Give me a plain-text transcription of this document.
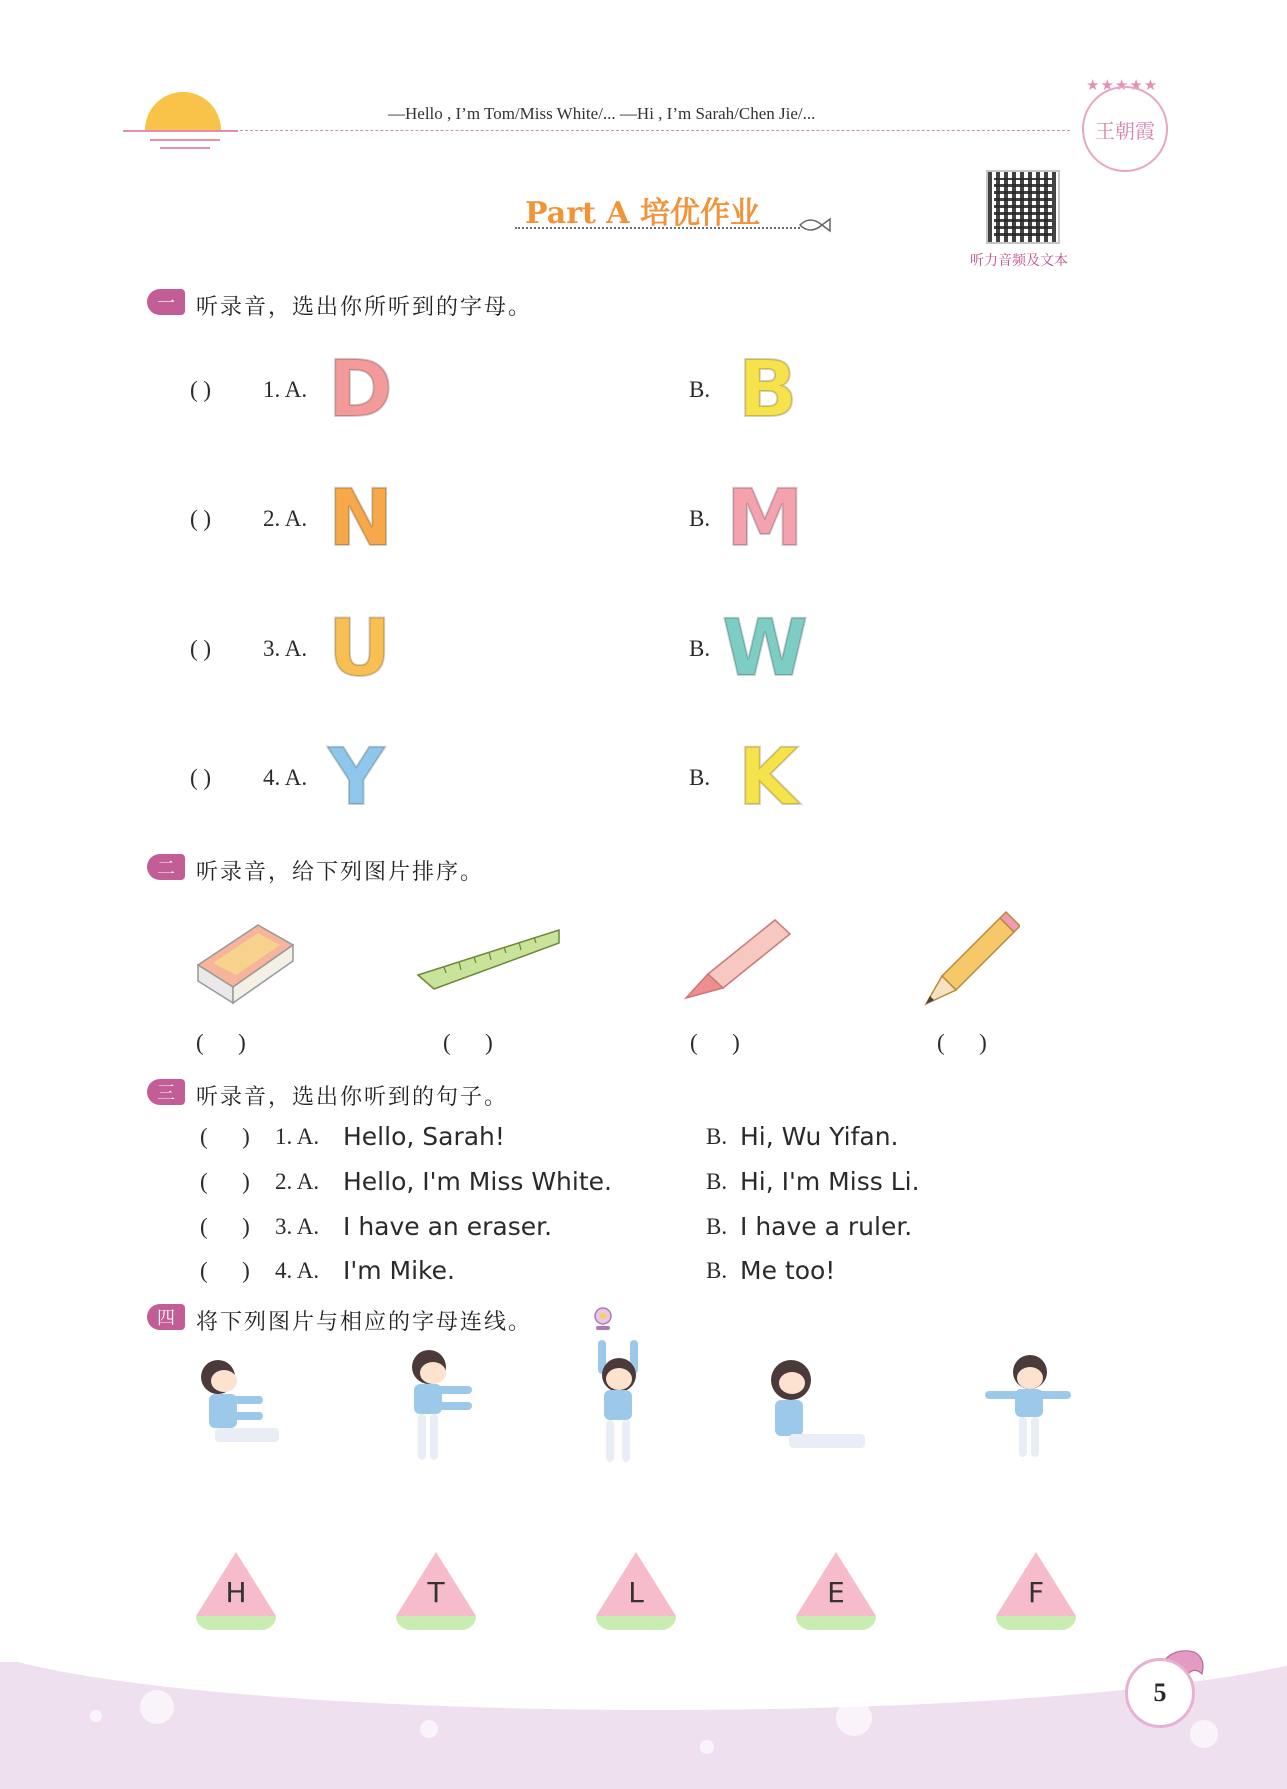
—Hello , I’m Tom/Miss White/... —Hi , I’m Sarah/Chen Jie/...
★★★★★
王朝霞
Part A 培优作业
听力音频及文本
一 听录音，选出你所听到的字母。
( ) 1. A. D	B. B
( ) 2. A. N	B. M
( ) 3. A. U	B. W
( ) 4. A. Y	B. K
二 听录音，给下列图片排序。
(      )	(      )	(      )	(      )
三 听录音，选出你听到的句子。
(      ) 1. A. Hello, Sarah!	B. Hi, Wu Yifan.
(      ) 2. A. Hello, I'm Miss White.	B. Hi, I'm Miss Li.
(      ) 3. A. I have an eraser.	B. I have a ruler.
(      ) 4. A. I'm Mike.	B. Me too!
四 将下列图片与相应的字母连线。
H	T	L	E	F
5
